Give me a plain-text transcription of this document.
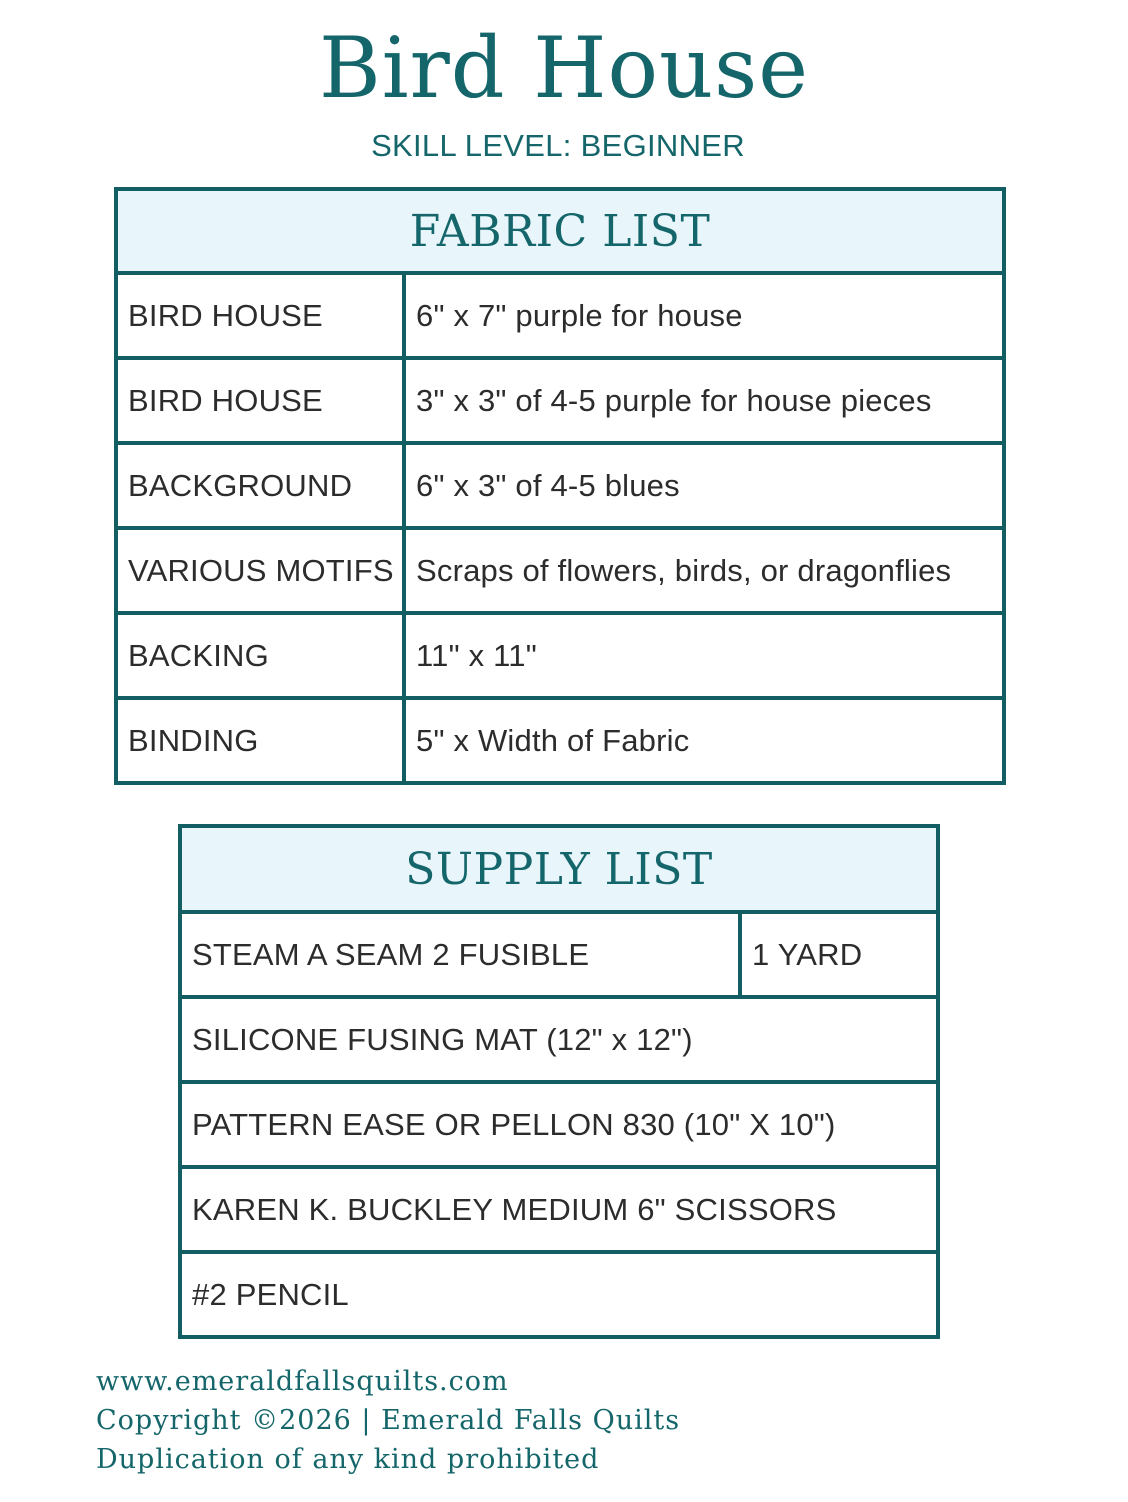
Bird House
SKILL LEVEL: BEGINNER
FABRIC LIST	
BIRD HOUSE	6" x 7" purple for house
BIRD HOUSE	3" x 3" of 4-5 purple for house pieces
BACKGROUND	6" x 3" of 4-5 blues
VARIOUS MOTIFS	Scraps of flowers, birds, or dragonflies
BACKING	11" x 11"
BINDING	5" x Width of Fabric
SUPPLY LIST
STEAM A SEAM 2 FUSIBLE	1 YARD
SILICONE FUSING MAT (12" x 12")
PATTERN EASE OR PELLON 830 (10" X 10")
KAREN K. BUCKLEY MEDIUM 6" SCISSORS
#2 PENCIL
www.emeraldfallsquilts.com
Copyright ©2026 | Emerald Falls Quilts
Duplication of any kind prohibited
